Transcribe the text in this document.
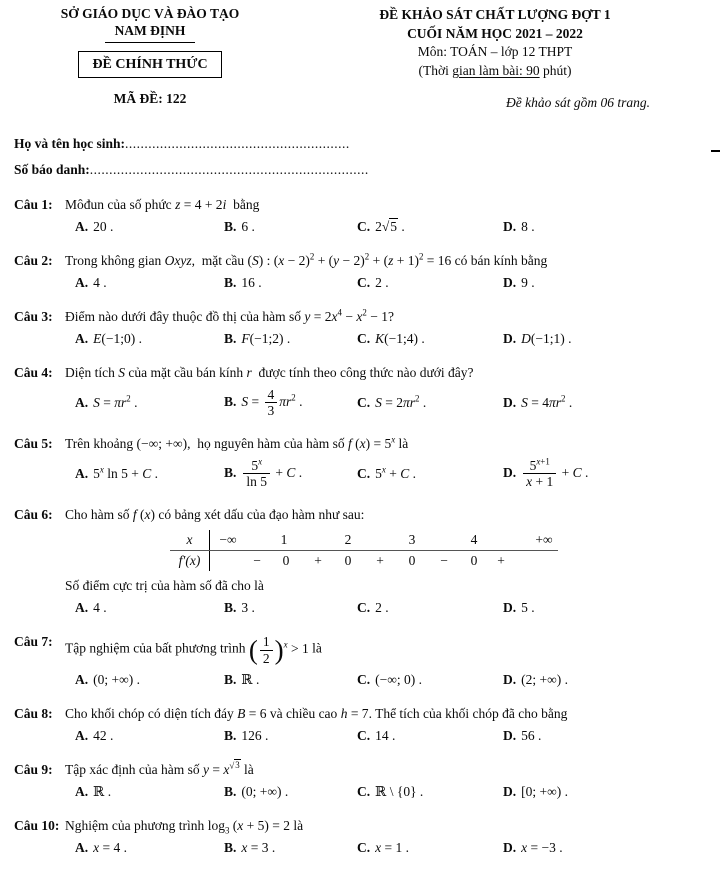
SỞ GIÁO DỤC VÀ ĐÀO TẠO
NAM ĐỊNH
ĐỀ CHÍNH THỨC
MÃ ĐỀ: 122
ĐỀ KHẢO SÁT CHẤT LƯỢNG ĐỢT 1
CUỐI NĂM HỌC 2021 – 2022
Môn: TOÁN – lớp 12 THPT
(Thời gian làm bài: 90 phút)
Đề khảo sát gồm 06 trang.
Họ và tên học sinh:..........................................................
Số báo danh:........................................................................
Câu 1: Môđun của số phức z = 4 + 2i  bằng
A. 20 .	B. 6 .	C. 2√5 .	D. 8 .
Câu 2: Trong không gian Oxyz,  mặt cầu (S) : $(x - 2)^2 + (y - 2)^2 + (z + 1)^2 = 16$ có bán kính bằng
A. 4 .	B. 16 .	C. 2 .	D. 9 .
Câu 3: Điểm nào dưới đây thuộc đồ thị của hàm số $y = 2x^4 - x^2 - 1$?
A. E(−1;0) .	B. F(−1;2) .	C. K(−1;4) .	D. D(−1;1) .
Câu 4: Diện tích S của mặt cầu bán kính r  được tính theo công thức nào dưới đây?
A. $S = \pi r^2$ .	B. $S = \frac{4}{3} \pi r^2$ .	C. $S = 2\pi r^2$ .	D. $S = 4\pi r^2$ .
Câu 5: Trên khoảng (−∞; +∞),  họ nguyên hàm của hàm số f $(x) = 5^x$ là
A. 5$^x$ ln 5 + C .	B. $\frac{5^x}{\ln 5} + C$ .	C. $5^x + C$ .	D. $\frac{5^{x+1}}{x + 1} + C$ .
Câu 6: Cho hàm số f (x) có bảng xét dấu của đạo hàm như sau:
x	−∞	1	2	3	4	+∞
f′(x)	− 0 + 0 + 0 − 0 +
Số điểm cực trị của hàm số đã cho là
A. 4 .	B. 3 .	C. 2 .	D. 5 .
Câu 7: Tập nghiệm của bất phương trình ( $\frac{1}{2} )^x > 1$ là
A. (0; +∞) .	B. ℝ .	C. (−∞; 0) .	D. (2; +∞) .
Câu 8: Cho khối chóp có diện tích đáy B = 6 và chiều cao h = 7. Thể tích của khối chóp đã cho bằng
A. 42 .	B. 126 .	C. 14 .	D. 56 .
Câu 9: Tập xác định của hàm số $y = x^{√3}$ là
A. ℝ .	B. (0; +∞) .	C. ℝ \ {0} .	D. [0; +∞) .
Câu 10: Nghiệm của phương trình $\log_3 (x + 5) = 2$ là
A. x = 4 .	B. x = 3 .	C. x = 1 .	D. x = −3 .
